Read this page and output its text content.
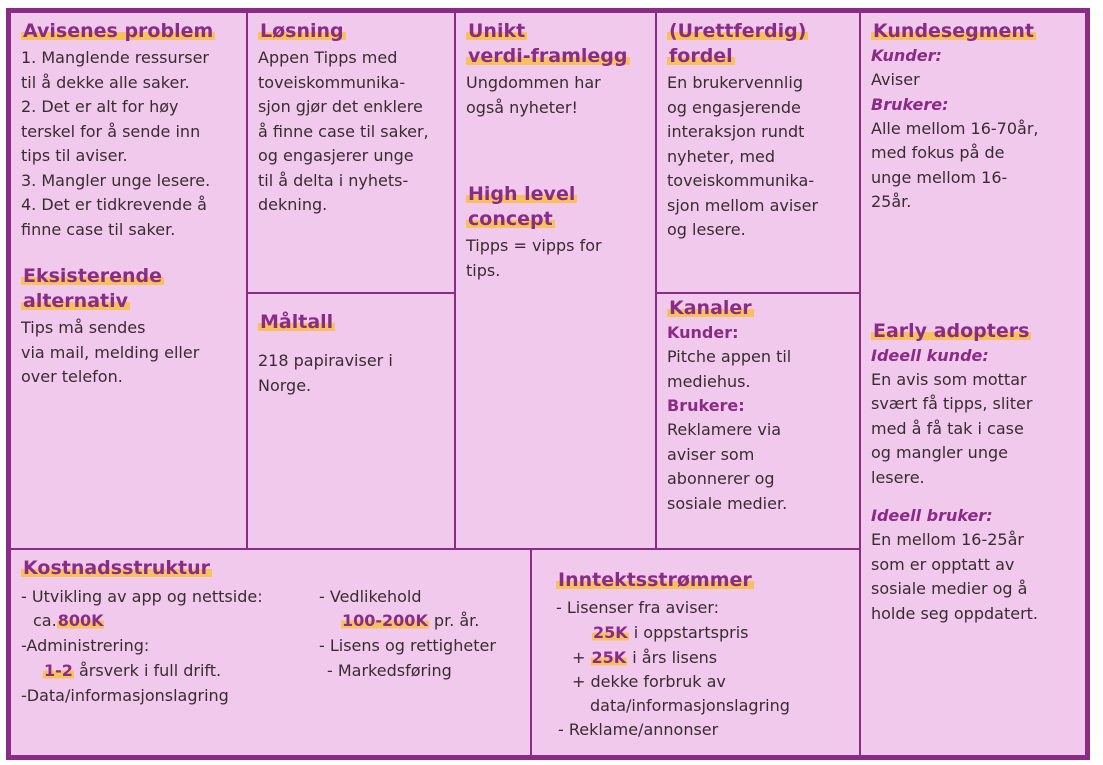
Avisenes problem
1. Manglende ressurser
til å dekke alle saker.
2. Det er alt for høy
terskel for å sende inn
tips til aviser.
3. Mangler unge lesere.
4. Det er tidkrevende å
finne case til saker.
Eksisterende
alternativ
Tips må sendes
via mail, melding eller
over telefon.
Løsning
Appen Tipps med
toveiskommunika-
sjon gjør det enklere
å finne case til saker,
og engasjerer unge
til å delta i nyhets-
dekning.
Måltall
218 papiraviser i
Norge.
Unikt
verdi-framlegg
Ungdommen har
også nyheter!
High level
concept
Tipps = vipps for
tips.
(Urettferdig)
fordel
En brukervennlig
og engasjerende
interaksjon rundt
nyheter, med
toveiskommunika-
sjon mellom aviser
og lesere.
Kanaler
Kunder:
Pitche appen til
mediehus.
Brukere:
Reklamere via
aviser som
abonnerer og
sosiale medier.
Kundesegment
Kunder:
Aviser
Brukere:
Alle mellom 16-70år,
med fokus på de
unge mellom 16-
25år.
Early adopters
Ideell kunde:
En avis som mottar
svært få tipps, sliter
med å få tak i case
og mangler unge
lesere.
Ideell bruker:
En mellom 16-25år
som er opptatt av
sosiale medier og å
holde seg oppdatert.
Kostnadsstruktur
- Utvikling av app og nettside:
ca.800K
-Administrering:
1-2 årsverk i full drift.
-Data/informasjonslagring
- Vedlikehold
100-200K pr. år.
- Lisens og rettigheter
- Markedsføring
Inntektsstrømmer
- Lisenser fra aviser:
25K i oppstartspris
+ 25K i års lisens
+ dekke forbruk av
data/informasjonslagring
- Reklame/annonser
